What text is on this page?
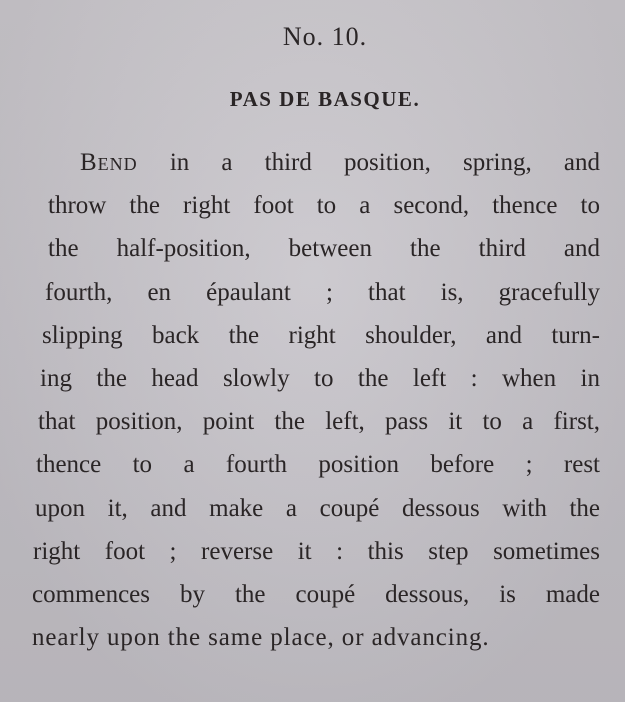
No. 10.
PAS DE BASQUE.
Bend in a third position, spring, and
throw the right foot to a second, thence to
the half-position, between the third and
fourth, en épaulant ; that is, gracefully
slipping back the right shoulder, and turn-
ing the head slowly to the left : when in
that position, point the left, pass it to a first,
thence to a fourth position before ; rest
upon it, and make a coupé dessous with the
right foot ; reverse it : this step sometimes
commences by the coupé dessous, is made
nearly upon the same place, or advancing.
